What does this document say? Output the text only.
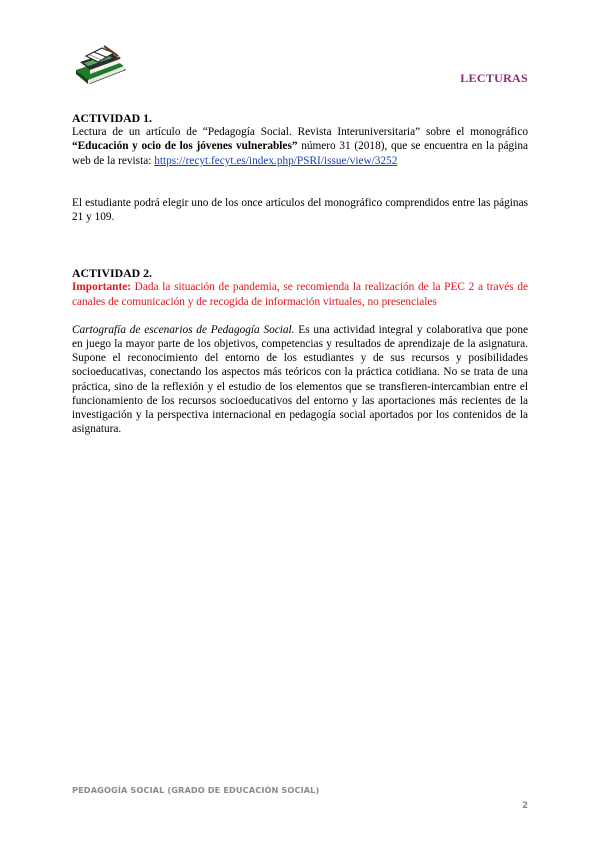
LECTURAS
ACTIVIDAD 1.

Lectura de un artículo de “Pedagogía Social. Revista Interuniversitaria” sobre el monográfico “Educación y ocio de los jóvenes vulnerables” número 31 (2018), que se encuentra en la página web de la revista: https://recyt.fecyt.es/index.php/PSRI/issue/view/3252

El estudiante podrá elegir uno de los once artículos del monográfico comprendidos entre las páginas 21 y 109.

ACTIVIDAD 2.

Importante: Dada la situación de pandemia, se recomienda la realización de la PEC 2 a través de canales de comunicación y de recogida de información virtuales, no presenciales

Cartografía de escenarios de Pedagogía Social. Es una actividad integral y colaborativa que pone en juego la mayor parte de los objetivos, competencias y resultados de aprendizaje de la asignatura. Supone el reconocimiento del entorno de los estudiantes y de sus recursos y posibilidades socioeducativas, conectando los aspectos más teóricos con la práctica cotidiana. No se trata de una práctica, sino de la reflexión y el estudio de los elementos que se transfieren-intercambian entre el funcionamiento de los recursos socioeducativos del entorno y las aportaciones más recientes de la investigación y la perspectiva internacional en pedagogía social aportados por los contenidos de la asignatura.

PEDAGOGÍA SOCIAL (GRADO DE EDUCACIÓN SOCIAL)
2
